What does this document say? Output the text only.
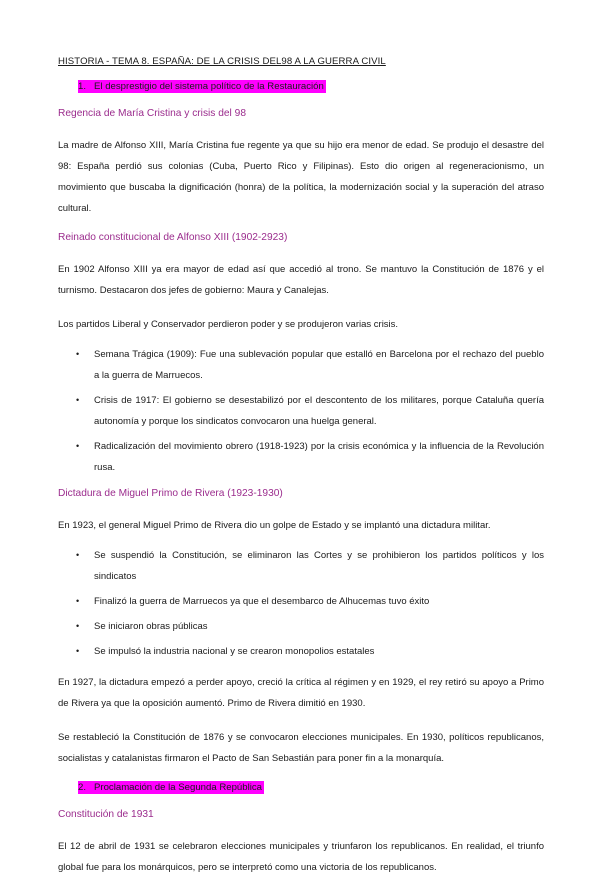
HISTORIA - TEMA 8. ESPAÑA: DE LA CRISIS DEL98 A LA GUERRA CIVIL
1. El desprestigio del sistema político de la Restauración
Regencia de María Cristina y crisis del 98

La madre de Alfonso XIII, María Cristina fue regente ya que su hijo era menor de edad. Se produjo el desastre del 98: España perdió sus colonias (Cuba, Puerto Rico y Filipinas). Esto dio origen al regeneracionismo, un movimiento que buscaba la dignificación (honra) de la política, la modernización social y la superación del atraso cultural.

Reinado constitucional de Alfonso XIII (1902-2923)

En 1902 Alfonso XIII ya era mayor de edad así que accedió al trono. Se mantuvo la Constitución de 1876 y el turnismo. Destacaron dos jefes de gobierno: Maura y Canalejas.

Los partidos Liberal y Conservador perdieron poder y se produjeron varias crisis.

• Semana Trágica (1909): Fue una sublevación popular que estalló en Barcelona por el rechazo del pueblo a la guerra de Marruecos.
• Crisis de 1917: El gobierno se desestabilizó por el descontento de los militares, porque Cataluña quería autonomía y porque los sindicatos convocaron una huelga general.
• Radicalización del movimiento obrero (1918-1923) por la crisis económica y la influencia de la Revolución rusa.
Dictadura de Miguel Primo de Rivera (1923-1930)

En 1923, el general Miguel Primo de Rivera dio un golpe de Estado y se implantó una dictadura militar.

• Se suspendió la Constitución, se eliminaron las Cortes y se prohibieron los partidos políticos y los sindicatos
• Finalizó la guerra de Marruecos ya que el desembarco de Alhucemas tuvo éxito
• Se iniciaron obras públicas
• Se impulsó la industria nacional y se crearon monopolios estatales

En 1927, la dictadura empezó a perder apoyo, creció la crítica al régimen y en 1929, el rey retiró su apoyo a Primo de Rivera ya que la oposición aumentó. Primo de Rivera dimitió en 1930.

Se restableció la Constitución de 1876 y se convocaron elecciones municipales. En 1930, políticos republicanos, socialistas y catalanistas firmaron el Pacto de San Sebastián para poner fin a la monarquía.

2. Proclamación de la Segunda República
Constitución de 1931

El 12 de abril de 1931 se celebraron elecciones municipales y triunfaron los republicanos. En realidad, el triunfo global fue para los monárquicos, pero se interpretó como una victoria de los republicanos.
